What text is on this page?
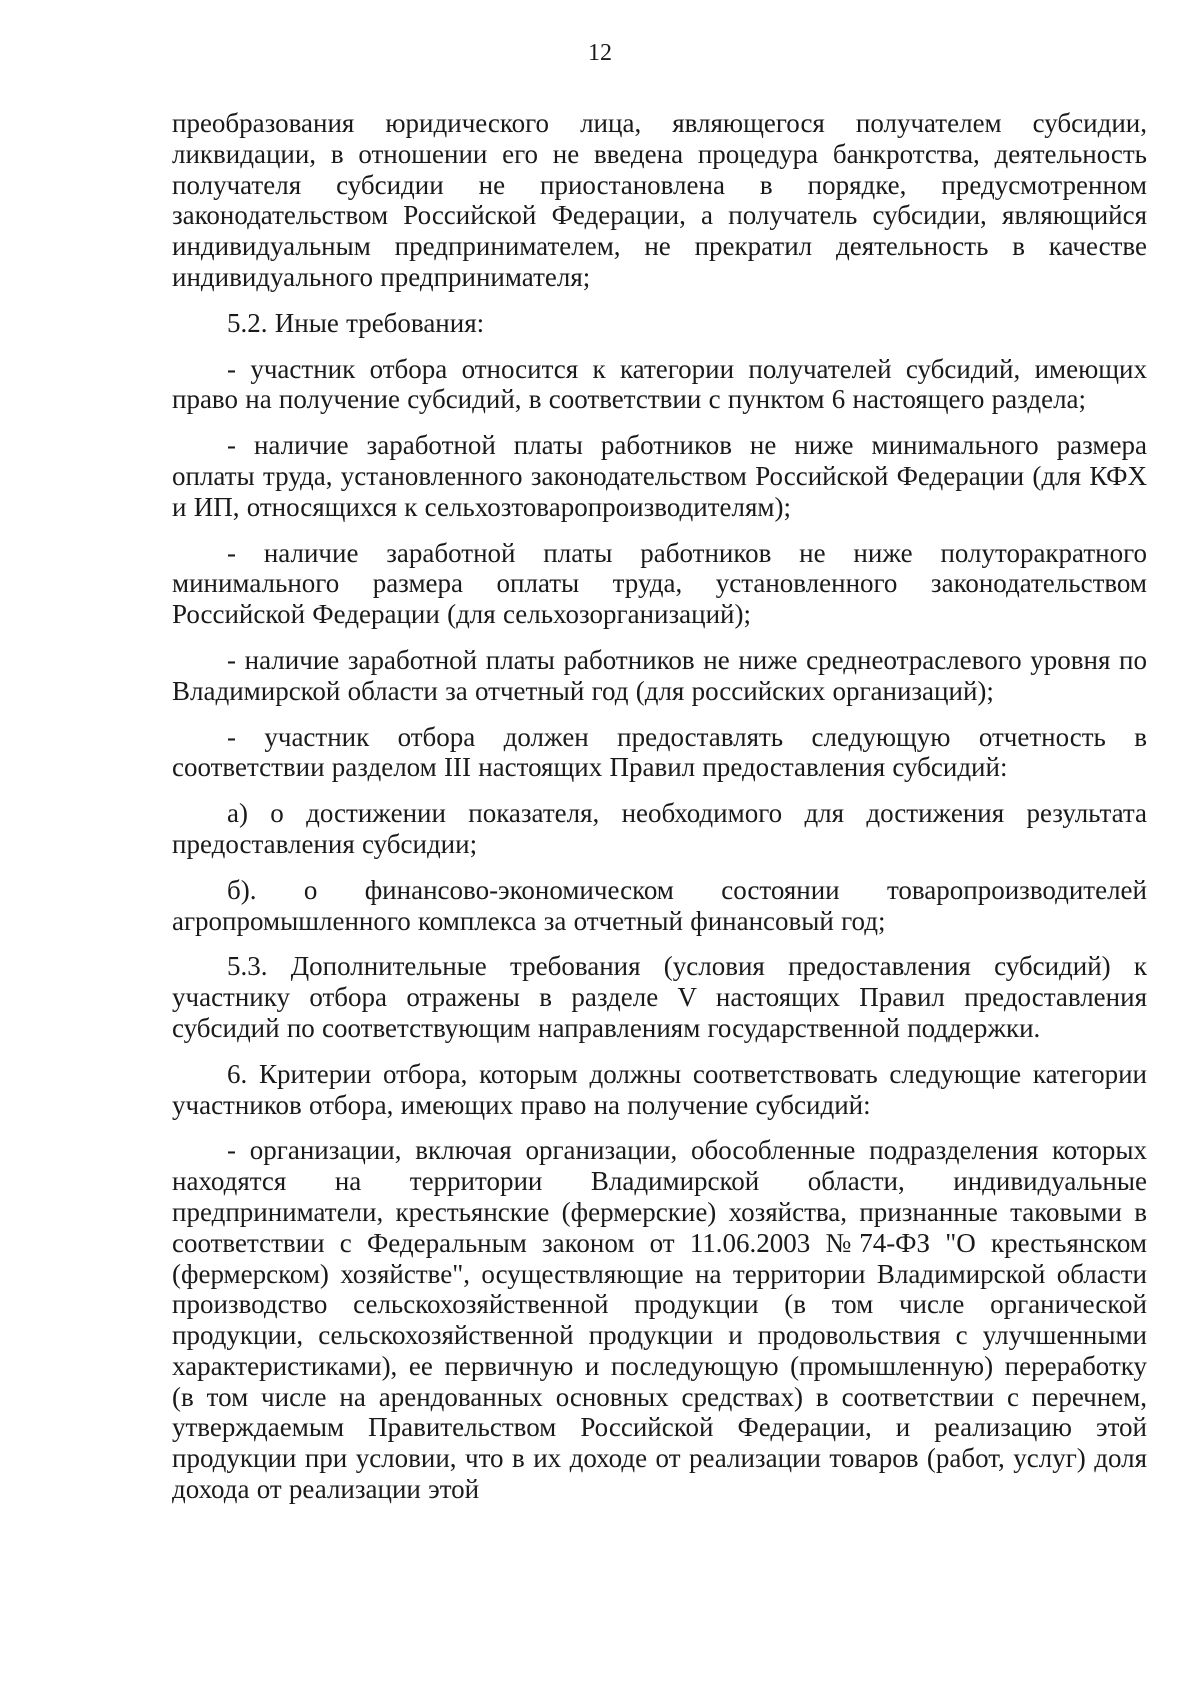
12

преобразования юридического лица, являющегося получателем субсидии, ликвидации, в отношении его не введена процедура банкротства, деятельность получателя субсидии не приостановлена в порядке, предусмотренном законодательством Российской Федерации, а получатель субсидии, являющийся индивидуальным предпринимателем, не прекратил деятельность в качестве индивидуального предпринимателя;

5.2. Иные требования:

- участник отбора относится к категории получателей субсидий, имеющих право на получение субсидий, в соответствии с пунктом 6 настоящего раздела;

- наличие заработной платы работников не ниже минимального размера оплаты труда, установленного законодательством Российской Федерации (для КФХ и ИП, относящихся к сельхозтоваропроизводителям);

- наличие заработной платы работников не ниже полуторакратного минимального размера оплаты труда, установленного законодательством Российской Федерации (для сельхозорганизаций);

- наличие заработной платы работников не ниже среднеотраслевого уровня по Владимирской области за отчетный год (для российских организаций);

- участник отбора должен предоставлять следующую отчетность в соответствии разделом III настоящих Правил предоставления субсидий:

а) о достижении показателя, необходимого для достижения результата предоставления субсидии;

б). о финансово-экономическом состоянии товаропроизводителей агропромышленного комплекса за отчетный финансовый год;

5.3. Дополнительные требования (условия предоставления субсидий) к участнику отбора отражены в разделе V настоящих Правил предоставления субсидий по соответствующим направлениям государственной поддержки.

6. Критерии отбора, которым должны соответствовать следующие категории участников отбора, имеющих право на получение субсидий:

- организации, включая организации, обособленные подразделения которых находятся на территории Владимирской области, индивидуальные предприниматели, крестьянские (фермерские) хозяйства, признанные таковыми в соответствии с Федеральным законом от 11.06.2003 №74-ФЗ "О крестьянском (фермерском) хозяйстве", осуществляющие на территории Владимирской области производство сельскохозяйственной продукции (в том числе органической продукции, сельскохозяйственной продукции и продовольствия с улучшенными характеристиками), ее первичную и последующую (промышленную) переработку (в том числе на арендованных основных средствах) в соответствии с перечнем, утверждаемым Правительством Российской Федерации, и реализацию этой продукции при условии, что в их доходе от реализации товаров (работ, услуг) доля дохода от реализации этой
